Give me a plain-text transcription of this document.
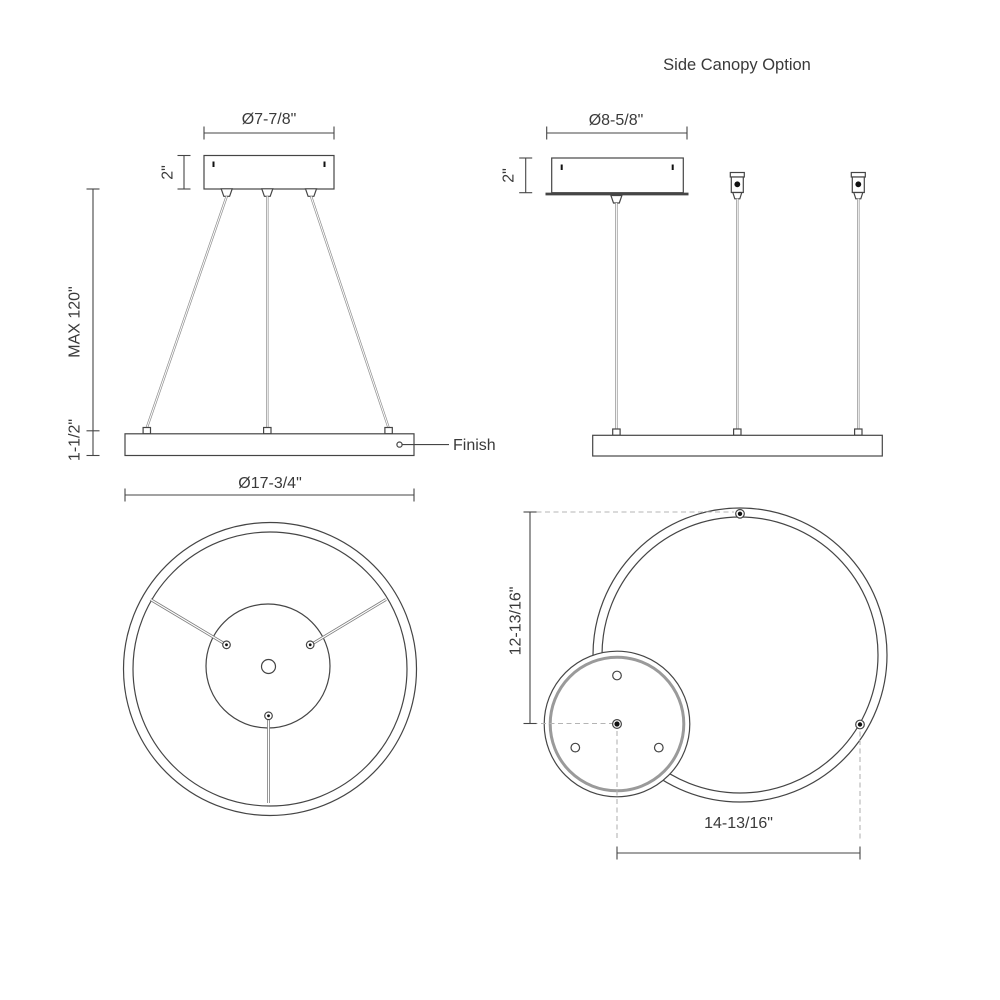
Ø7-7/8"
2"
Finish
MAX 120"
1-1/2"
Ø17-3/4"
Side Canopy Option
Ø8-5/8"
2"
12-13/16"
14-13/16"
